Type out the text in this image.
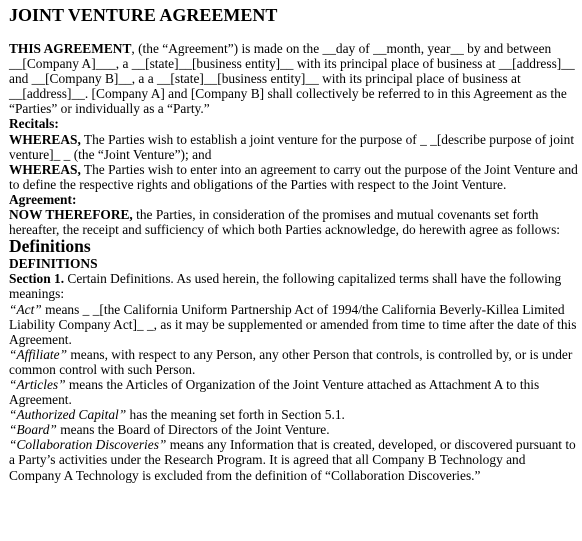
JOINT VENTURE AGREEMENT

THIS AGREEMENT, (the “Agreement”) is made on the __day of __month, year__ by and between __[Company A]___, a __[state]__[business entity]__ with its principal place of business at __[address]__ and __[Company B]__, a a __[state]__[business entity]__ with its principal place of business at __[address]__. [Company A] and [Company B] shall collectively be referred to in this Agreement as the “Parties” or individually as a “Party.”

Recitals:

WHEREAS, The Parties wish to establish a joint venture for the purpose of _ _[describe purpose of joint venture]_ _ (the “Joint Venture”); and

WHEREAS, The Parties wish to enter into an agreement to carry out the purpose of the Joint Venture and to define the respective rights and obligations of the Parties with respect to the Joint Venture.

Agreement:

NOW THEREFORE, the Parties, in consideration of the promises and mutual covenants set forth hereafter, the receipt and sufficiency of which both Parties acknowledge, do herewith agree as follows:

Definitions
DEFINITIONS

Section 1. Certain Definitions. As used herein, the following capitalized terms shall have the following meanings:

“Act” means _ _[the California Uniform Partnership Act of 1994/the California Beverly-Killea Limited Liability Company Act]_ _, as it may be supplemented or amended from time to time after the date of this Agreement.

“Affiliate” means, with respect to any Person, any other Person that controls, is controlled by, or is under common control with such Person.

“Articles” means the Articles of Organization of the Joint Venture attached as Attachment A to this Agreement.

“Authorized Capital” has the meaning set forth in Section 5.1.

“Board” means the Board of Directors of the Joint Venture.

“Collaboration Discoveries” means any Information that is created, developed, or discovered pursuant to a Party’s activities under the Research Program. It is agreed that all Company B Technology and Company A Technology is excluded from the definition of “Collaboration Discoveries.”
